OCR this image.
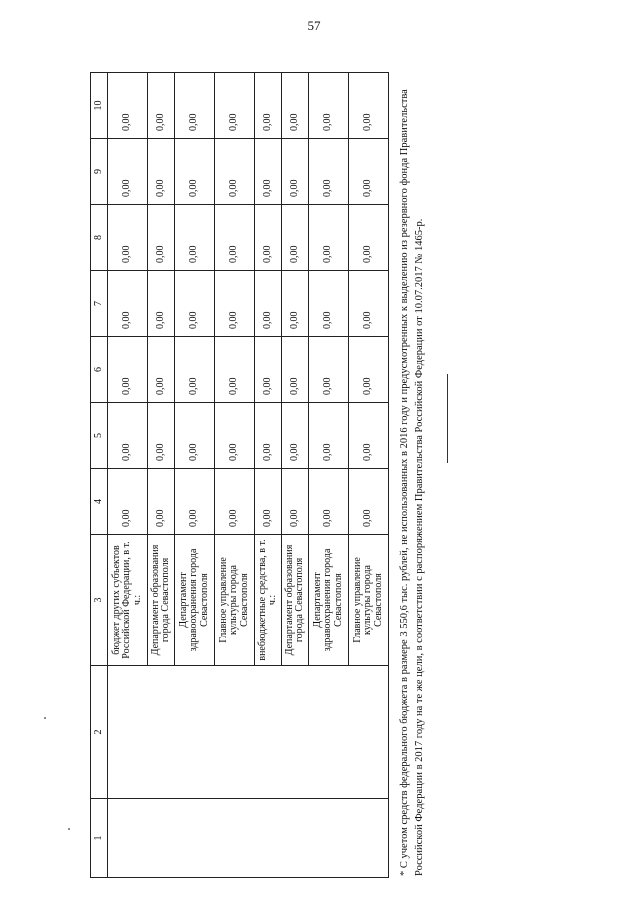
57
1	2	3	4	5	6	7	8	9	10
		бюджет других субъектов Российской Федерации, в т. ч.:	0,00	0,00	0,00	0,00	0,00	0,00	0,00
		Департамент образования города Севастополя	0,00	0,00	0,00	0,00	0,00	0,00	0,00
		Департамент здравоохранения города Севастополя	0,00	0,00	0,00	0,00	0,00	0,00	0,00
		Главное управление культуры города Севастополя	0,00	0,00	0,00	0,00	0,00	0,00	0,00
		внебюджетные средства, в т. ч.:	0,00	0,00	0,00	0,00	0,00	0,00	0,00
		Департамент образования города Севастополя	0,00	0,00	0,00	0,00	0,00	0,00	0,00
		Департамент здравоохранения города Севастополя	0,00	0,00	0,00	0,00	0,00	0,00	0,00
		Главное управление культуры города Севастополя	0,00	0,00	0,00	0,00	0,00	0,00	0,00 * С учетом средств федерального бюджета в размере 3 550,6 тыс. рублей, не использованных в 2016 году и предусмотренных к выделению из резервного фонда Правительства Российской Федерации в 2017 году на те же цели, в соответствии с распоряжением Правительства Российской Федерации от 10.07.2017 № 1465-р.
